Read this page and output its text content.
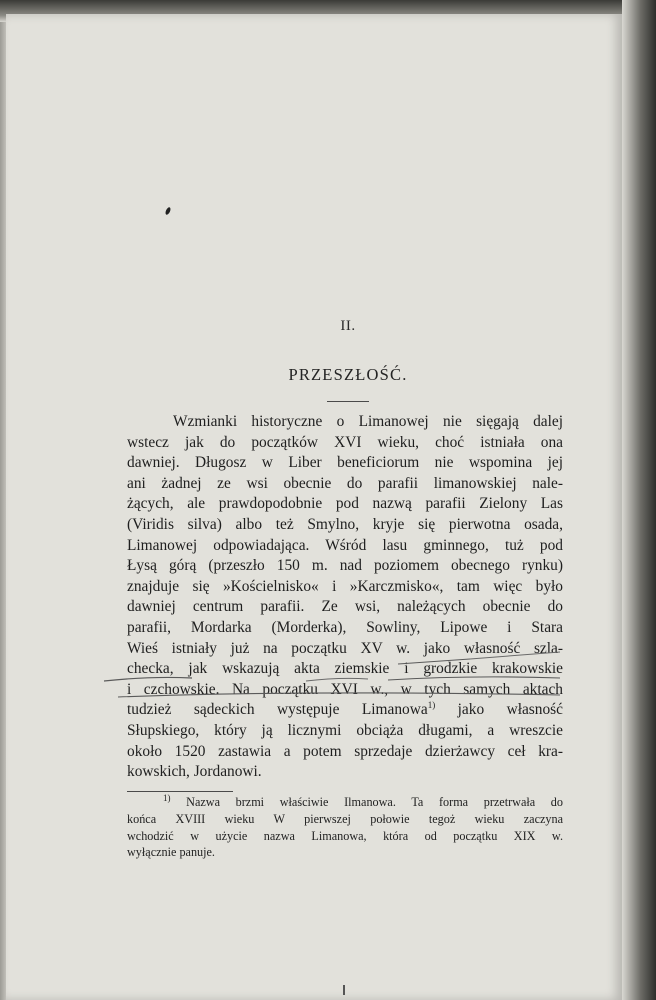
II.
PRZESZŁOŚĆ.
Wzmianki historyczne o Limanowej nie sięgają dalej
wstecz jak do początków XVI wieku, choć istniała ona
dawniej. Długosz w Liber beneficiorum nie wspomina jej
ani żadnej ze wsi obecnie do parafii limanowskiej nale-
żących, ale prawdopodobnie pod nazwą parafii Zielony Las
(Viridis silva) albo też Smylno, kryje się pierwotna osada,
Limanowej odpowiadająca. Wśród lasu gminnego, tuż pod
Łysą górą (przeszło 150 m. nad poziomem obecnego rynku)
znajduje się »Kościelnisko« i »Karczmisko«, tam więc było
dawniej centrum parafii. Ze wsi, należących obecnie do
parafii, Mordarka (Morderka), Sowliny, Lipowe i Stara
Wieś istniały już na początku XV w. jako własność szla-
checka, jak wskazują akta ziemskie i grodzkie krakowskie
i czchowskie. Na początku XVI w., w tych samych aktach
tudzież sądeckich występuje Limanowa$^{1)}$ jako własność
Słupskiego, który ją licznymi obciąża długami, a wreszcie
około 1520 zastawia a potem sprzedaje dzierżawcy ceł kra-
kowskich, Jordanowi.
$^{1)}$ Nazwa brzmi właściwie Ilmanowa. Ta forma przetrwała do
końca XVIII wieku W pierwszej połowie tegoż wieku zaczyna
wchodzić w użycie nazwa Limanowa, która od początku XIX w.
wyłącznie panuje.
